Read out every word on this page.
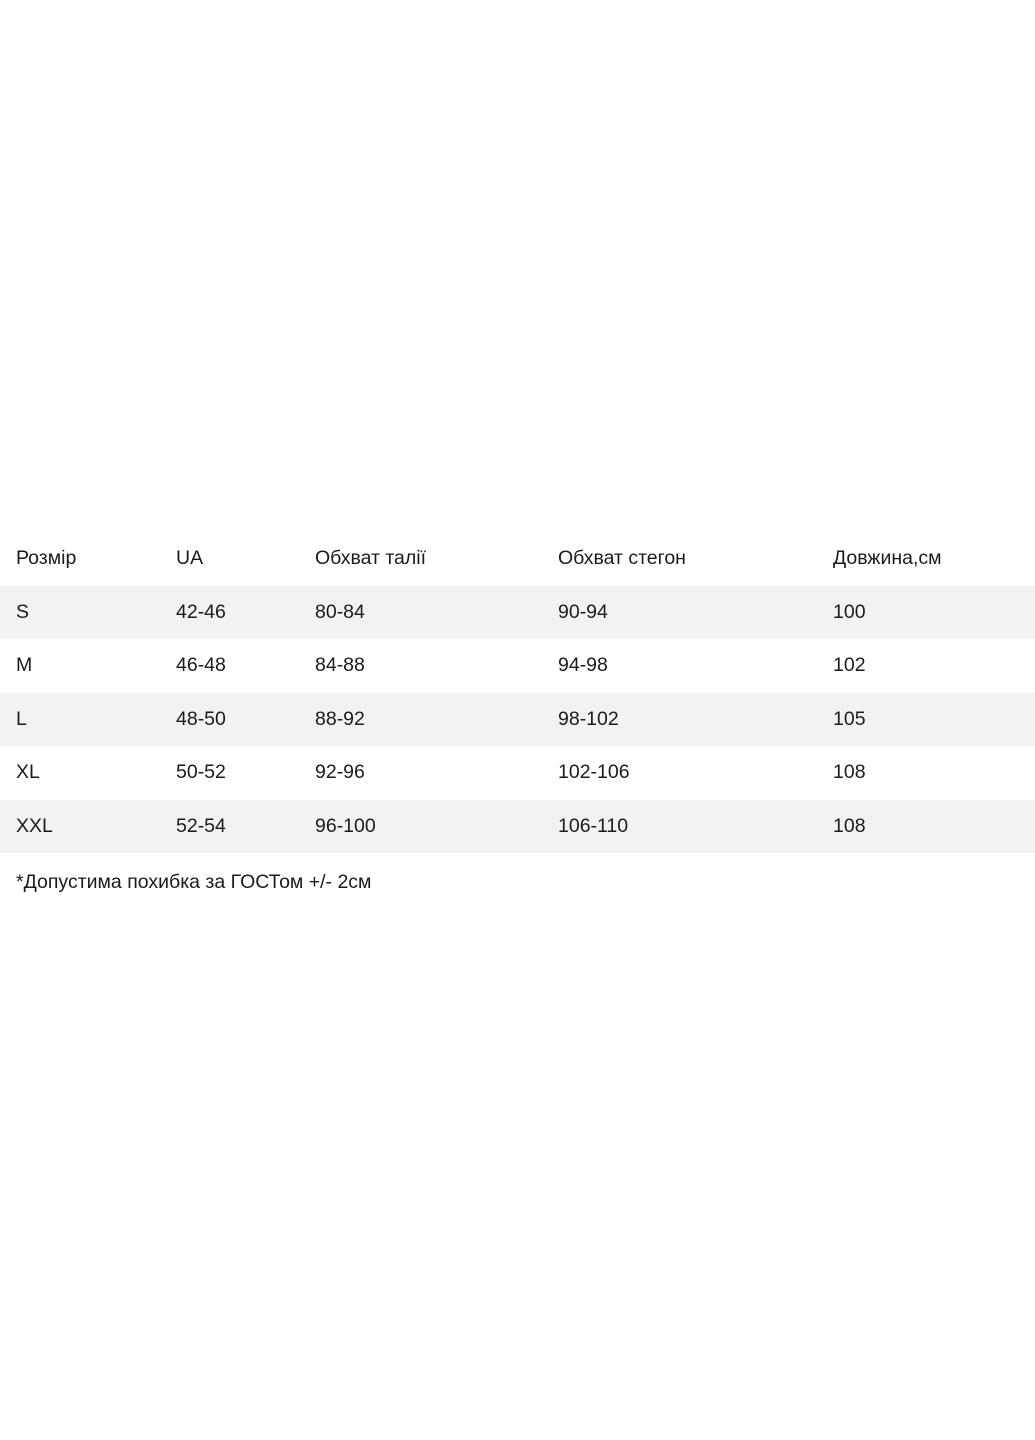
Розмір	UA	Обхват талії	Обхват стегон	Довжина,см
S	42-46	80-84	90-94	100
M	46-48	84-88	94-98	102
L	48-50	88-92	98-102	105
XL	50-52	92-96	102-106	108
XXL	52-54	96-100	106-110	108
*Допустима похибка за ГОСТом +/- 2см
